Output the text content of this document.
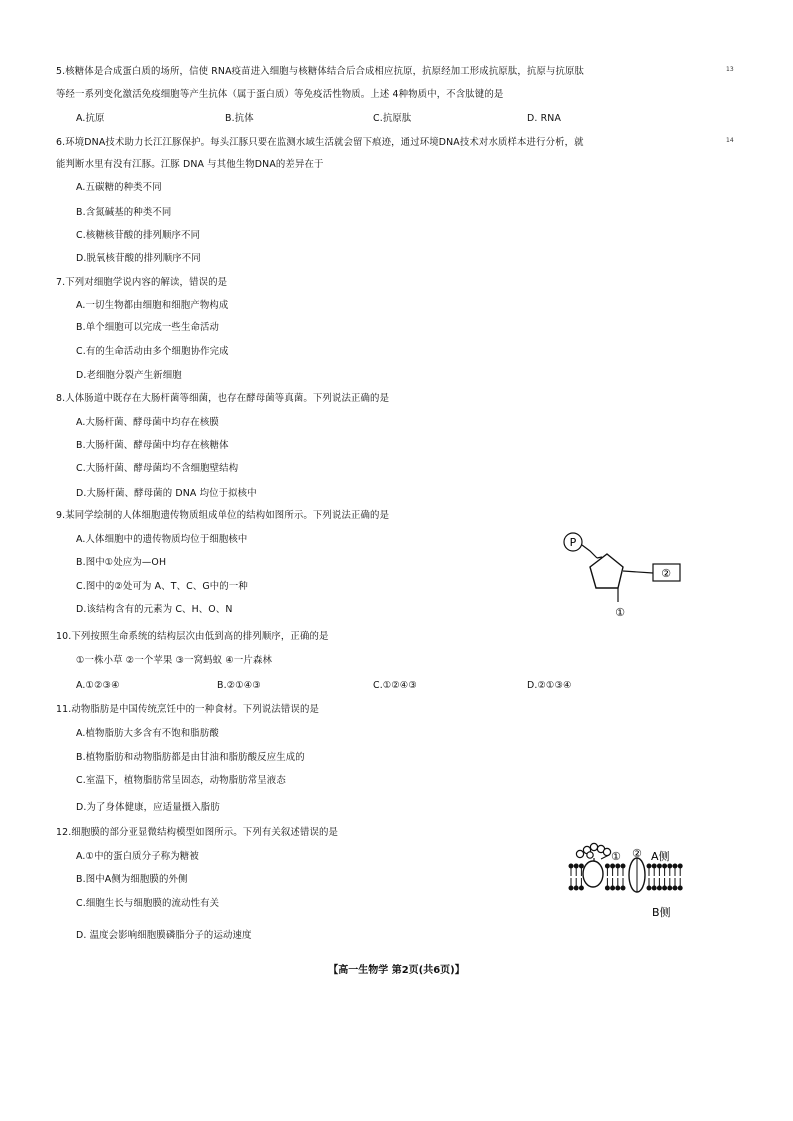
13
14
5.核糖体是合成蛋白质的场所，信使 RNA疫苗进入细胞与核糖体结合后合成相应抗原，抗原经加工形成抗原肽，抗原与抗原肽
等经一系列变化激活免疫细胞等产生抗体（属于蛋白质）等免疫活性物质。上述 4种物质中，不含肽键的是
A.抗原	B.抗体	C.抗原肽	D. RNA
6.环境DNA技术助力长江江豚保护。每头江豚只要在监测水域生活就会留下痕迹，通过环境DNA技术对水质样本进行分析，就
能判断水里有没有江豚。江豚 DNA 与其他生物DNA的差异在于
A.五碳糖的种类不同
B.含氮碱基的种类不同
C.核糖核苷酸的排列顺序不同
D.脱氧核苷酸的排列顺序不同
7.下列对细胞学说内容的解读，错误的是
A.一切生物都由细胞和细胞产物构成
B.单个细胞可以完成一些生命活动
C.有的生命活动由多个细胞协作完成
D.老细胞分裂产生新细胞
8.人体肠道中既存在大肠杆菌等细菌，也存在酵母菌等真菌。下列说法正确的是
A.大肠杆菌、酵母菌中均存在核膜
B.大肠杆菌、酵母菌中均存在核糖体
C.大肠杆菌、酵母菌均不含细胞壁结构
D.大肠杆菌、酵母菌的 DNA 均位于拟核中
9.某同学绘制的人体细胞遗传物质组成单位的结构如图所示。下列说法正确的是
A.人体细胞中的遗传物质均位于细胞核中
B.图中①处应为—OH
C.图中的②处可为 A、T、C、G中的一种
D.该结构含有的元素为 C、H、O、N
P
②
①
10.下列按照生命系统的结构层次由低到高的排列顺序，正确的是
①一株小草 ②一个苹果 ③一窝蚂蚁 ④一片森林
A.①②③④	B.②①④③	C.①②④③	D.②①③④
11.动物脂肪是中国传统烹饪中的一种食材。下列说法错误的是
A.植物脂肪大多含有不饱和脂肪酸
B.植物脂肪和动物脂肪都是由甘油和脂肪酸反应生成的
C.室温下，植物脂肪常呈固态，动物脂肪常呈液态
D.为了身体健康，应适量摄入脂肪
12.细胞膜的部分亚显微结构模型如图所示。下列有关叙述错误的是
A.①中的蛋白质分子称为糖被
B.图中A侧为细胞膜的外侧
C.细胞生长与细胞膜的流动性有关
D. 温度会影响细胞膜磷脂分子的运动速度
① ② A侧
B侧
【高一生物学 第2页(共6页)】
